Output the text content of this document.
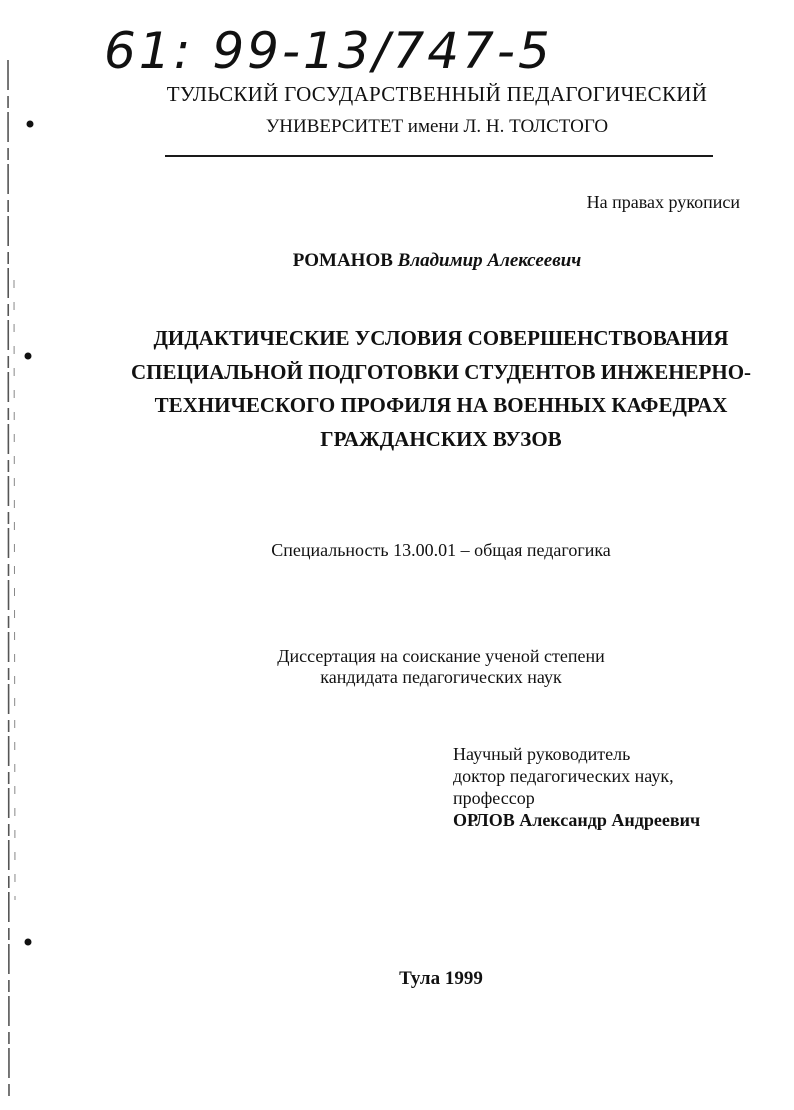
61: 99-13/747-5
ТУЛЬСКИЙ ГОСУДАРСТВЕННЫЙ ПЕДАГОГИЧЕСКИЙ
УНИВЕРСИТЕТ имени Л. Н. ТОЛСТОГО
На правах рукописи
РОМАНОВ Владимир Алексеевич
ДИДАКТИЧЕСКИЕ УСЛОВИЯ СОВЕРШЕНСТВОВАНИЯ
СПЕЦИАЛЬНОЙ ПОДГОТОВКИ СТУДЕНТОВ ИНЖЕНЕРНО-
ТЕХНИЧЕСКОГО ПРОФИЛЯ НА ВОЕННЫХ КАФЕДРАХ
ГРАЖДАНСКИХ ВУЗОВ
Специальность 13.00.01 – общая педагогика
Диссертация на соискание ученой степени
кандидата педагогических наук
Научный руководитель
доктор педагогических наук,
профессор
ОРЛОВ Александр Андреевич
Тула 1999
